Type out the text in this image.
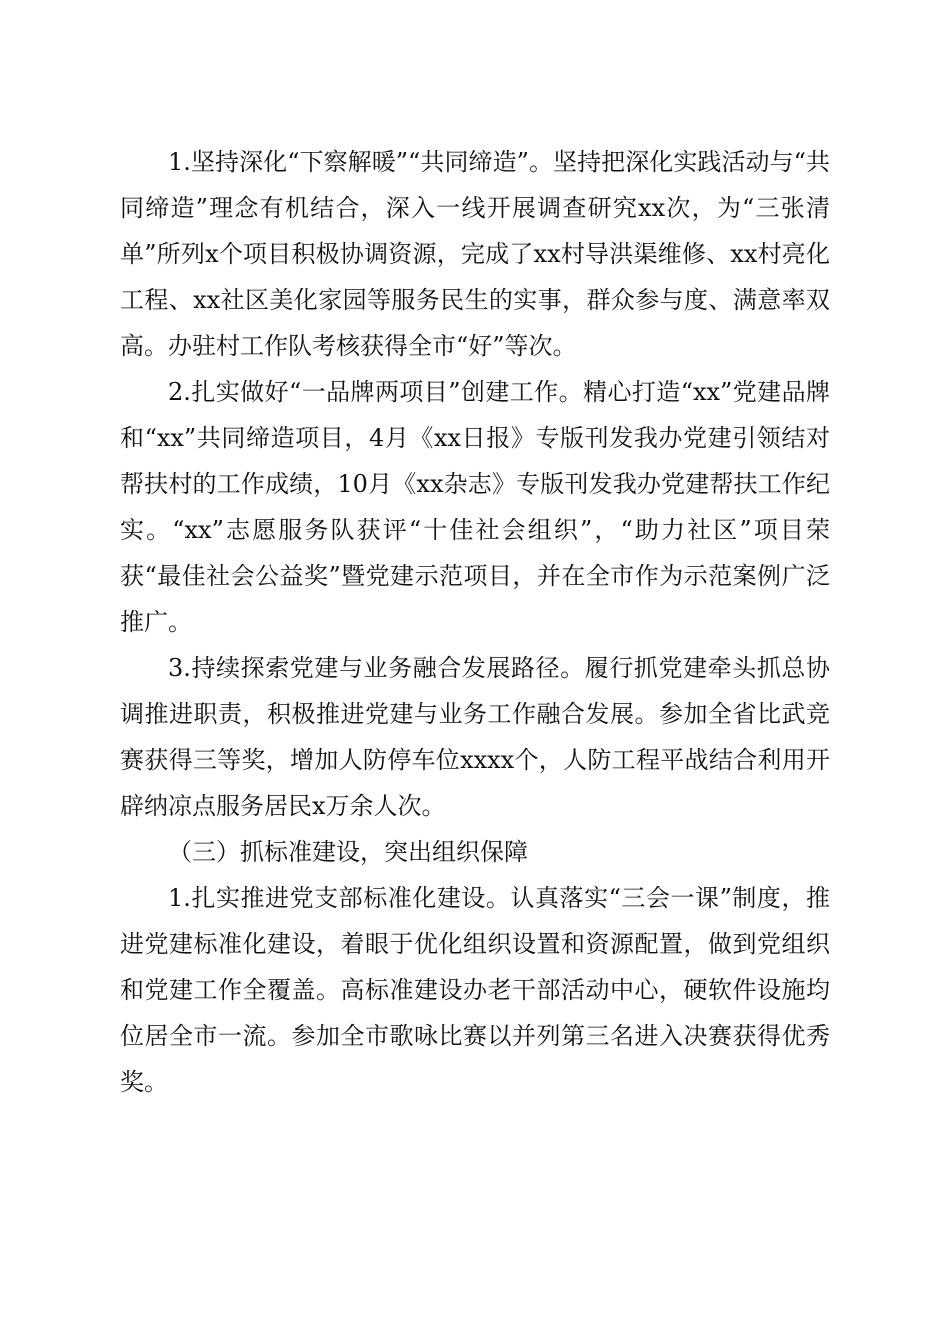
1.坚持深化“下察解暖”“共同缔造”。坚持把深化实践活动与“共同缔造”理念有机结合，深入一线开展调查研究xx次，为“三张清单”所列x个项目积极协调资源，完成了xx村导洪渠维修、xx村亮化工程、xx社区美化家园等服务民生的实事，群众参与度、满意率双高。办驻村工作队考核获得全市“好”等次。

2.扎实做好“一品牌两项目”创建工作。精心打造“xx”党建品牌和“xx”共同缔造项目，4月《xx日报》专版刊发我办党建引领结对帮扶村的工作成绩，10月《xx杂志》专版刊发我办党建帮扶工作纪实。“xx”志愿服务队获评“十佳社会组织”，“助力社区”项目荣获“最佳社会公益奖”暨党建示范项目，并在全市作为示范案例广泛推广。

3.持续探索党建与业务融合发展路径。履行抓党建牵头抓总协调推进职责，积极推进党建与业务工作融合发展。参加全省比武竞赛获得三等奖，增加人防停车位xxxx个，人防工程平战结合利用开辟纳凉点服务居民x万余人次。

（三）抓标准建设，突出组织保障

1.扎实推进党支部标准化建设。认真落实“三会一课”制度，推进党建标准化建设，着眼于优化组织设置和资源配置，做到党组织和党建工作全覆盖。高标准建设办老干部活动中心，硬软件设施均位居全市一流。参加全市歌咏比赛以并列第三名进入决赛获得优秀奖。
